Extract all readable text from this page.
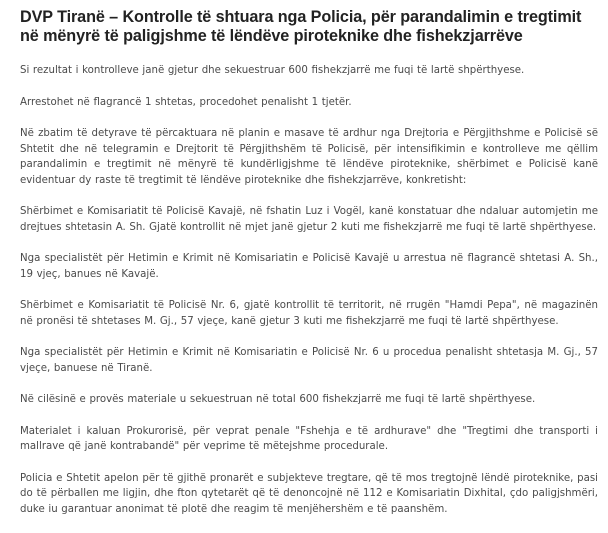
DVP Tiranë – Kontrolle të shtuara nga Policia, për parandalimin e tregtimit në mënyrë të paligjshme të lëndëve piroteknike dhe fishekzjarrëve

Si rezultat i kontrolleve janë gjetur dhe sekuestruar 600 fishekzjarrë me fuqi të lartë shpërthyese.

Arrestohet në flagrancë 1 shtetas, procedohet penalisht 1 tjetër.

Në zbatim të detyrave të përcaktuara në planin e masave të ardhur nga Drejtoria e Përgjithshme e Policisë së Shtetit dhe në telegramin e Drejtorit të Përgjithshëm të Policisë, për intensifikimin e kontrolleve me qëllim parandalimin e tregtimit në mënyrë të kundërligjshme të lëndëve piroteknike, shërbimet e Policisë kanë evidentuar dy raste të tregtimit të lëndëve piroteknike dhe fishekzjarrëve, konkretisht:

Shërbimet e Komisariatit të Policisë Kavajë, në fshatin Luz i Vogël, kanë konstatuar dhe ndaluar automjetin me drejtues shtetasin A. Sh. Gjatë kontrollit në mjet janë gjetur 2 kuti me fishekzjarrë me fuqi të lartë shpërthyese.

Nga specialistët për Hetimin e Krimit në Komisariatin e Policisë Kavajë u arrestua në flagrancë shtetasi A. Sh., 19 vjeç, banues në Kavajë.

Shërbimet e Komisariatit të Policisë Nr. 6, gjatë kontrollit të territorit, në rrugën "Hamdi Pepa", në magazinën në pronësi të shtetases M. Gj., 57 vjeçe, kanë gjetur 3 kuti me fishekzjarrë me fuqi të lartë shpërthyese.

Nga specialistët për Hetimin e Krimit në Komisariatin e Policisë Nr. 6 u procedua penalisht shtetasja M. Gj., 57 vjeçe, banuese në Tiranë.

Në cilësinë e provës materiale u sekuestruan në total 600 fishekzjarrë me fuqi të lartë shpërthyese.

Materialet i kaluan Prokurorisë, për veprat penale "Fshehja e të ardhurave" dhe "Tregtimi dhe transporti i mallrave që janë kontrabandë" për veprime të mëtejshme procedurale.

Policia e Shtetit apelon për të gjithë pronarët e subjekteve tregtare, që të mos tregtojnë lëndë piroteknike, pasi do të përballen me ligjin, dhe fton qytetarët që të denoncojnë në 112 e Komisariatin Dixhital, çdo paligjshmëri, duke iu garantuar anonimat të plotë dhe reagim të menjëhershëm e të paanshëm.
